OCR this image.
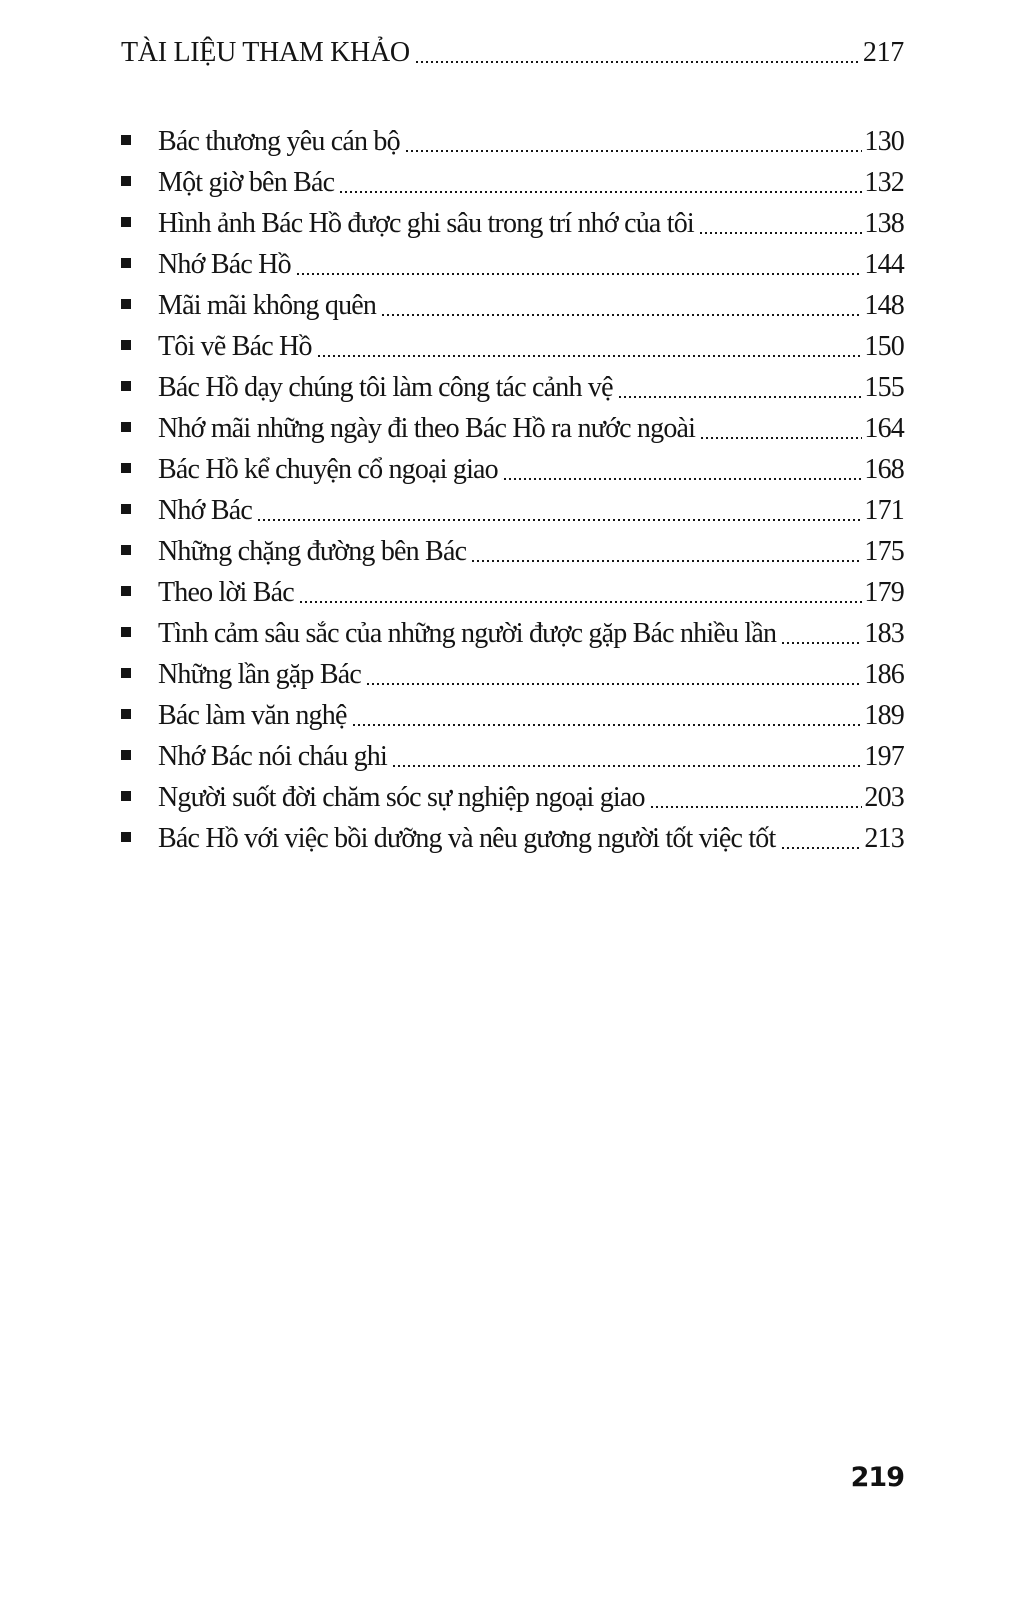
Bác thương yêu cán bộ	130
Một giờ bên Bác	132
Hình ảnh Bác Hồ được ghi sâu trong trí nhớ của tôi	138
Nhớ Bác Hồ	144
Mãi mãi không quên	148
Tôi vẽ Bác Hồ	150
Bác Hồ dạy chúng tôi làm công tác cảnh vệ	155
Nhớ mãi những ngày đi theo Bác Hồ ra nước ngoài	164
Bác Hồ kể chuyện cổ ngoại giao	168
Nhớ Bác	171
Những chặng đường bên Bác	175
Theo lời Bác	179
Tình cảm sâu sắc của những người được gặp Bác nhiều lần	183
Những lần gặp Bác	186
Bác làm văn nghệ	189
Nhớ Bác nói cháu ghi	197
Người suốt đời chăm sóc sự nghiệp ngoại giao	203
Bác Hồ với việc bồi dưỡng và nêu gương người tốt việc tốt	213
TÀI LIỆU THAM KHẢO	217
219
